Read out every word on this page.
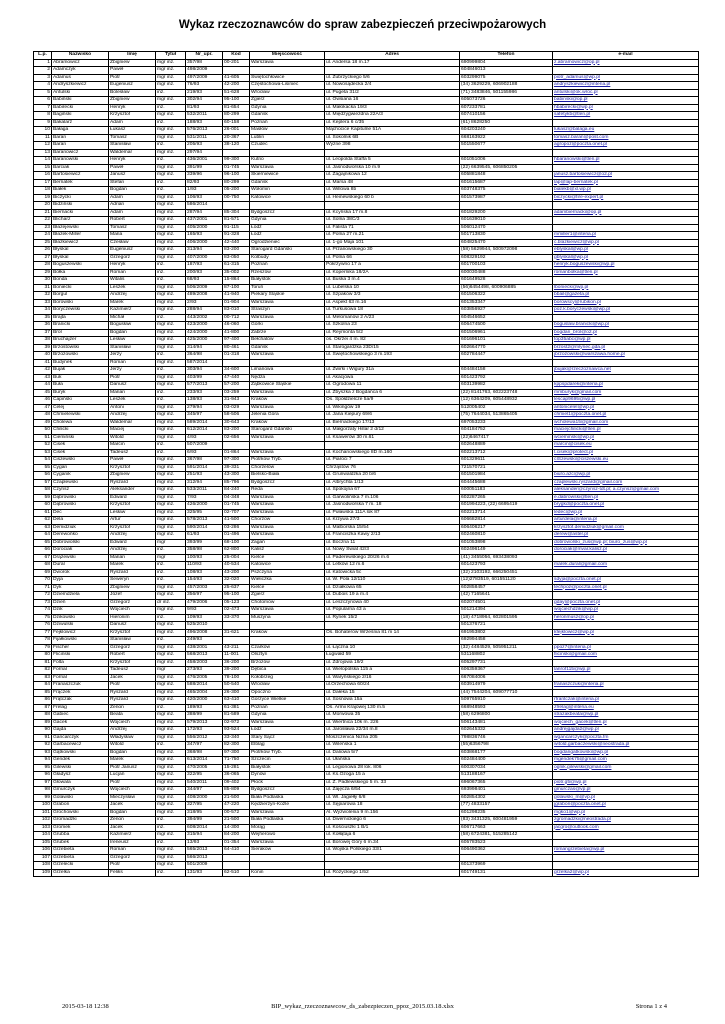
Wykaz rzeczoznawców do spraw zabezpieczeń przeciwpożarowych
L.p.	Nazwisko	Imię	Tytuł	Nr_upr.	Kod	Miejscowość	Adres	Telefon	e-mail
1	Abramowicz	Zbigniew	mgr inż.	357/98	00-201	Warszawa	ul. Andersa 18 m.17	690999804	z.abramowicz@op.pl
2	Adamczyk	Paweł	mgr inż.	498/2009				604846013	
3	Adamus	Piotr	mgr inż.	497/2009	41-605	Świętochłowice	ul. Zubrzyckiego 5/6	603299075	piotr_adamus@wp.pl
4	Andryszkiewicz	Eugeniusz	mgr inż.	76/93	42-200	Częstochowa-Lisiniec	ul. Nowosądecka 2/4	(34) 3629229, 606902188	andryszkiewicz@interia.pl
5	Antulski	Bolesław	inż.	219/93	51-628	Wrocław	ul. Pugeta 31/2	(71) 3483846, 501155986	antulski@ok.wroc.pl
6	Babiński	Zbigniew	mgr inż.	302/94	95-100	Zgierz	ul. Owsiana 16	605073726	babinski@op.pl
7	Babirecki	Henryk	inż.	81/93	81-654	Gdynia	ul. Małokacka 19/3	607233781	hbabirecki@wp.pl
8	Bagiński	Krzysztof	mgr inż.	532/2011	80-299	Gdańsk	ul. Międzygwiezdna 22A/3	607410156	safetykb@tlen.pl
9	Bakalarz	Adam	inż.	188/93	60-158	Poznań	ul. Keplera 6 c/35	(61) 8628250	
10	Bałaga	Łukasz	mgr inż.	576/2013	26-001	Masłów	Mąchocice Kapitulne 51A	604203240	lukasz@balaga.eu
11	Baran	Tomasz	mgr inż.	531/2011	20-367	Lublin	ul. Sokolnik 6B	668163922	tomasz.baran@post.com
12	Baran	Stanisław	inż.	205/93	38-120	Czudec	Wyżne 398	501550677	agropoz@poczta.onet.pl
13	Baranowicz	Waldemar	mgr inż.	297/94					
14	Baranowski	Henryk	inż.	436/2001	99-300	Kutno	ul. Leopolda Staffa 5	601051006	hbaranowski@tlen.pl
15	Barciak	Paweł	mgr inż.	391/99	01-745	Warszawa	ul. Jasnodworska 10 m.9	(22) 6639545, 606850205	
16	Bartosiewicz	Janusz	mgr inż.	339/96	96-100	Skierniewice	ul. Zagajnikowa 12	605881848	janusz.bartosiewicz@o2.pl
17	Bernatek	Stefan	inż.	82/93	80-299	Gdańsk	ul. Marsa 48	601615687	lap@lap-bernatek.pl
18	Białek	Bogdan	inż.	1/93	05-200	Wołomin	ul. Willowa 8b	603748375	bialekb@xl.wp.pl
19	Biczycki	Adam	mgr inż.	106/93	00-750	Katowice	ul. Heinewskiego 60 b	601573987	biczycki@fire-expert.pl
20	Bidziński	Adrian	mgr inż.	586/2014					
21	Biernacki	Adam	mgr inż.	287/94	85-304	Bydgoszcz	ul. Kcyńska 17 m.8	601829200	adambiernacki@op.pl
22	Blicharz	Robert	mgr inż.	437/2001	81-571	Gdynia	ul. Solna 38C/3	601639010	
23	Błażejewski	Tomasz	mgr inż.	405/2000	91-115	Łódź	ul. Falista 71	506012470	
24	Błażek-Miller	Maria	mgr inż.	165/93	91-328	Łódź	ul. Polna 27 m.21	501713830	mmiller1@interia.pl
25	Błażkiewicz	Czesław	mgr inż.	406/2000	42-440	Ogrodzieniec	ul. 1-go Maja 101	604825470	c.blazkiewicz@wp.pl
26	Błyskal	Eugeniusz	mgr inż.	313/94	83-200	Starogard Gdański	ul. Przanowskiego 30	(58) 5629944, 500972098	eblyskal@wp.pl
27	Błyskal	Grzegorz	mgr inż.	407/2000	83-050	Kolbudy	ul. Polna 66	608329192	gblyskal@wp.pl
28	Boguszewski	Henryk	inż.	187/93	61-315	Poznań	Pokrzywno 17 a	601700103	henryk.boguszewski@wp.pl
29	Bołka	Roman	inż.	200/93	35-002	Rzeszów	ul. Kopernika 18/2A	600030488	romanbolka@tlen.pl
30	Bonda	Witalis	inż.	68/93	15-864	Białystok	ul. Buska 3 m.4	601649528	
31	Boniecki	Leszek	mgr inż.	506/2009	87-100	Toruń	ul. Lubelska 10	(56)6454498, 600906885	lbonieck@wp.pl
32	Borgul	Andrzej	mgr inż.	489/2008	41-940	Piekary Śląskie	ul. Szpaków 3/3	601506322	bbail@gazeta.pl
33	Borowski	Marek	mgr inż.	2/93	01-904	Warszawa	ul. Aspekt 63 m.16	601353347	borowscy@rubikon.pl
34	Boryczewski	Kazimierz	mgr inż.	288/94	83-010	Straszyn	ul. Turkusowa 18	603856927	poz.k.boryczewski@wp.pl
35	Brajta	Michał	inż.	443/2002	00-712	Warszawa	ul. Melomanów 2 A/23	604546652	
36	Branicki	Bogusław	mgr inż.	423/2000	46-060	Górki	ul. Szkolna 23	606474500	boguslaw.branicki@wp.pl
37	Brol	Bogdan	mgr inż.	424/2000	41-800	Zabrze	ul. Reymonta 5/2	601506961	bogdan_brol@o2.pl
38	Bruchajzer	Lesław	mgr inż.	425/2000	97-400	Bełchatów	os. Okrzei 4 m. 82	601696101	top35abc@wp.pl
39	Brzostowski	Stanisław	mgr inż.	314/94	80-461	Gdańsk	ul. Starogardzka 23D/15	602664770	brzost2@mlynec.gda.pl
40	Brzozowski	Jerzy	inż.	364/98	01-318	Warszawa	ul. Świętochowskiego 3 m.193	602784447	jbrzozowski@warszawa.home.pl
41	Budynek	Roman	mgr inż.	587/2014					
42	Bujak	Jerzy	inż.	303/94	34-600	Limanowa	ul. Żwirki i Wigury 31a	604484158	jbujak@rzeczoznawca.net
43	Buk	Piotr	mgr inż.	403/99	47-440	Nędza	ul. Akacjowa	601423792	
44	Buła	Dariusz	mgr inż.	577/2013	57-200	Ząbkowice Śląskie	ul. Ogrodowa 11	603139982	kppspdarek@interia.pl
45	Buryk	Marian	inż.	233/93	03-259	Warszawa	ul. Zbyszka z Bogdańca 6	(22) 8141763, 602223748	mmburyk@gmail.com
46	Capiński	Leszek	inż.	138/93	31-943	Kraków	Os. Spółdzielcze 5a/9	(12) 6364209, 605448932	lescap9695@wp.pl
47	Celej	Antoni	mgr inż.	279/94	03-029	Warszawa	ul. Wikingów 19	512005402	antoniceleI@wp.pl
48	Chmielewski	Andrzej	mgr inż.	345/97	58-506	Jelenia Góra	ul. Jana Kiepury 69/6	(75) 7644034, 513865405	chmiel1@poczta.onet.pl
49	Cholewa	Waldemar	mgr inż.	589/2014	30-643	Kraków	ul. Biernackiego 17/13	697053233	wcholewa15@gmail.com
50	Chilicki	Maciej	mgr inż.	612/2014	83-200	Starogard Gdański	ul. Małgorzaty Hillar 2 d/12	604184752	maciejchilicki@tlen.pl
51	Ciemiński	Witold	mgr inż.	4/93	02-656	Warszawa	ul. Ksawerów 30 m.61	(22)6467417	wcieminski@wp.pl
52	Cisek	Marcin	inż.	507/2009				602648889	marcin@cisek.eu
53	Cisek	Tadeusz	inż.	6/93	01-864	Warszawa	ul. Kochanowskiego 8D m.160	602213712	t.cisek@protect.pl
54	Ciszewski	Paweł	mgr inż.	367/98	97-300	Piotrków Tryb.	ul. Piaroci 7	601329611	cISzewski@ciszewski.eu
55	Cygan	Krzysztof	mgr inż.	591/2014	39-331	Chorzelów	Chrząstów 76	721570721	
56	Cyganik	Zbigniew	mgr inż.	251/93	43-300	Bielsko-Biała	ul. Grunwaldzka 20 b/6	601501984	biuro.azc@wp.pl
57	Czaplewski	Ryszard	mgr inż.	312/94	85-796	Bydgoszcz	ul. Albrychta 1/13	604445688	czaplewski.ryszard@gmail.com
58	Czynsz	Aleksander	mgr inż.	533/2011	84-240	Reda	ul. Spokojna 67	600051183	aleksander@czynsz-tdt.pl; a.czynsz@gmail.com
59	Dąbrowski	Edward	mgr inż.	7/93	04-348	Warszawa	ul. Garwolińska 7 m.106	602287265	e.dabrowski@tlen.pl
60	Dąbrowski	Krzysztof	mgr inż.	426/2000	01-745	Warszawa	ul. Jasnodworska 7 m. 18	601994223, (22) 6695419	brygkd@poczta.onet.pl
61	Dec	Lesław	mgr inż.	325/95	02-707	Warszawa	ul. Puławska 111A lok 87	602213714	ledec@wp.pl
62	Dela	Artur	mgr inż.	578/2013	41-500	Chorzów	ul. Krzywa 27/3	606682814	arturdela@interia.pl
63	Demidziuk	Krzysztof	mgr inż.	590/2014	03-286	Warszawa	ul. Malborska 15/54	606406217	krzysztof.demidziuk@gmail.com
64	Derewońko	Andrzej	mgr inż.	61/93	01-496	Warszawa	ul. Franciszka Kawy 2/13	602460810	derew@aster.pl
65	Dobrowolski	Edward	mgr	393/99	68-100	Żagań	ul. Boczna 11	601053898	dobrowolski_zus@wp.pl; biuro_zus@wp.pl
66	Dorociak	Andrzej	inż.	358/98	62-800	Kalisz	ul. Nowy Świat 42/3	602496149	dorociak@mvar.kalisz.pl
67	Drążewski	Marian	mgr	100/93	25-004	Kielce	ul. Paderewskiego 20/26 m.6	(41) 3455056, 693438093	
68	Dural	Marek	inż.	110/93	40-534	Katowice	ul. Letków 12 m.6	601423793	marek.dural@gmail.com
69	Dworok	Ryszard	inż.	108/93	43-200	Pszczyna	ul. Katowicka 5c	(32) 2103192, 666250451	
70	Dyja	Seweryn	inż.	154/93	32-020	Wieliczka	ul. W. Pola 12/110	(12)2783519, 601551120	sdyja@poczta.onet.pl
71	Dyk	Zbigniew	mgr inż.	457/2003	25-637	Kielce	ul. Działkowa 65	602858457	techpoz@poczta.onet.pl
72	Dziemdziela	Józef	mgr inż.	356/97	95-100	Zgierz	ul. Dubois 19 a m.4	(42) 7165641	
73	Dzień	Grzegorz	dr inż.	479/2006	05-123	Chotomów	ul. Leszczynowa 40	602074501	gday@poczta.onet.pl
74	Dzik	Wojciech	mgr inż.	9/93	02-473	Warszawa	ul. Popularna 43 a	501214394	wojciechdzik@wp.pl
75	Dzikowski	Hieronim	inż.	109/93	33-370	Muszyna	ul. Rynek 15/2	(18) 4718964, 602801595	heronmusz@op.pl
76	Dziwulski	Dariusz	mgr inż.	525/2010				501376721	
77	Fejklowicz	Krzysztof	mgr inż.	496/2008	31-621	Kraków	Oś. Bohaterów Września 81 m 14	691953802	kfejklowicz@wp.pl
78	Fijałkowski	Stanisław	inż.	249/93				692994458	
79	Fischer	Grzegorz	mgr inż.	438/2001	43-211	Czarków	ul. Łączna 10	(32) 4484529, 505951211	ppoz7@interia.pl
80	Flicinski	Robert	mgr inż.	568/2013	11-001	Olsztyn	Ługwałd 59	531168802	flicinski@gmail.com
81	Folta	Krzysztof	mgr inż.	458/2003	36-200	Brzozów	ul. Zdrojowa 19/2	605297731	
82	Fornal	Tadeusz	mgr	273/93	39-200	Dębica	ul. Wielopolska 115 a	606359367	lanrof115@wp.pl
83	Fornal	Jacek	mgr inż.	476/2005	78-100	Kołobrzeg	ul. Waryńskiego 2/16	667084006	
84	Franaszczuk	Piotr	mgr inż.	588/2014	50-540	Wrocław	ul.Orzechowa 60/24	603914979	franaszczuk@interia.pl
85	Frączek	Ryszard	mgr inż.	465/2004	26-300	Opoczno	ul. Dałeka 15	(44) 7544204, 609077710	
86	Frątczak	Ryszard	mgr inż.	420/2000	63-410	Gorzyce Wielkie	ul. Sosnowa 15a	509765910	rfrantczak@interia.pl
87	Frelag	Zenon	inż.	189/93	61-381	Poznań	Oś. Armii Krajowej 130 m.5	668948593	zfrelag@interia.eu
88	Gabiec	Beata	mgr inż.	388/99	81-589	Gdynia	ul. Morwowa 35	(58) 6296800	strazakbeata@wp.pl
89	Gacek	Wojciech	mgr inż.	579/2013	02-972	Warszawa	ul. Wiertnica 10k m. 226	506143481	wojciech_gacek@tlen.pl
90	Gajda	Andrzej	mgr inż.	172/93	93-524	Łódź	ul. Jarosława 22/34 m.8	602645332	andrejgajda2@wp.pl
91	Gancarczyk	Władysław	mgr inż.	556/2012	33-340	Stary Sącz	Moszczenica Niżna 205	798836746	wgancarczyk@poczta.fm
92	Garbacewicz	Witold	inż.	347/97	82-300	Elbląg	ul. Wileńska 1	(55)6356798	witold.garbaczewski@neostrada.pl
93	Gątkowski	Bogdan	mgr inż.	368/98	97-300	Piotrków Tryb.	ul. Daliowa 5/7	603868177	bogdangatkowski@wp.pl
94	Gendek	Marek	mgr inż.	613/2014	71-750	Szczecin	ul. Ułańska	602484400	mgendek75@gmail.com
95	Gilewski	Piotr Janusz	mgr inż.	470/2005	15-281	Białystok	ul. Legionowa 28 lok. 806	600307034	ognik.gilewski@gmail.com
96	Gładysz	Lucjan	mgr inż.	322/95	36-065	Dynów	ul. Ks.Ożoga 15 a	513188167	
97	Głowala	Piotr	mgr inż.	540/2011	09-402	Płock	ul. Z. Padlewskiego 5 m. 33	696067365	piotr.g5@wp.pl
98	Gmurczyk	Wojciech	mgr inż.	344/97	85-809	Bydgoszcz	ul. Zajęcza 6/54	693998401	gmurczas@vp.pl
99	Golawski	Mieczysław	mgr inż.	408/2000	21-500	Biała Podlaska	ul. Wl. Jagiełły 6/8	602854302	golawski_m@vp.pl
100	Grabon	Jacek	mgr inż.	327/95	47-220	Kędzierzyn-Koźle	ul. Sępiarowa 18	(77) 4833157	jgrabon@poczta.onet.pl
101	Grochowski	Bogdan	mgr inż.	318/95	00-572	Warszawa	Al. Wyzwolenia 9 m.156	601298235	mgko1@wp.pl
102	Gromadzki	Zenon	inż.	394/99	21-500	Biała Podlaska	ul. Dwernickiego 6	(83) 3431325, 600481959	zgromadzki@neostrada.pl
103	Gromek	Jacek	inż.	608/2014	14-300	Morąg	ul. Kościuszki 1 B/1	606717663	jacgro@outlook.com
104	Grubba	Kazimierz	mgr inż.	315/94	84-200	Wejherowo	ul. Kołłątaja 6	(58) 6724381, 515285142	
105	Grubek	Ireneusz	inż.	13/93	01-354	Warszawa	ul. Borowej Góry 6 m.34	605783523	
106	Grzebieta	Roman	mgr inż.	565/2013	64-410	Sieraków	ul. Wojska Polskiego 33/1	606490362	romangrzebieta@wp.pl
107	Grzebieta	Grzegorz	mgr inż.	566/2013					
108	Grzelecki	Piotr	mgr inż.	501/2009				601373969	
109	Grzelka	Feliks	inż.	131/93	62-510	Konin	ul. Różyckiego 1/52	601749131	grzelka2@wp.pl
2015-03-18 12:38	BIP_wykaz_rzeczoznawcow_ds_zabezpieczen_ppoz_2015.03.18.xlsx	Strona 1 z 4
